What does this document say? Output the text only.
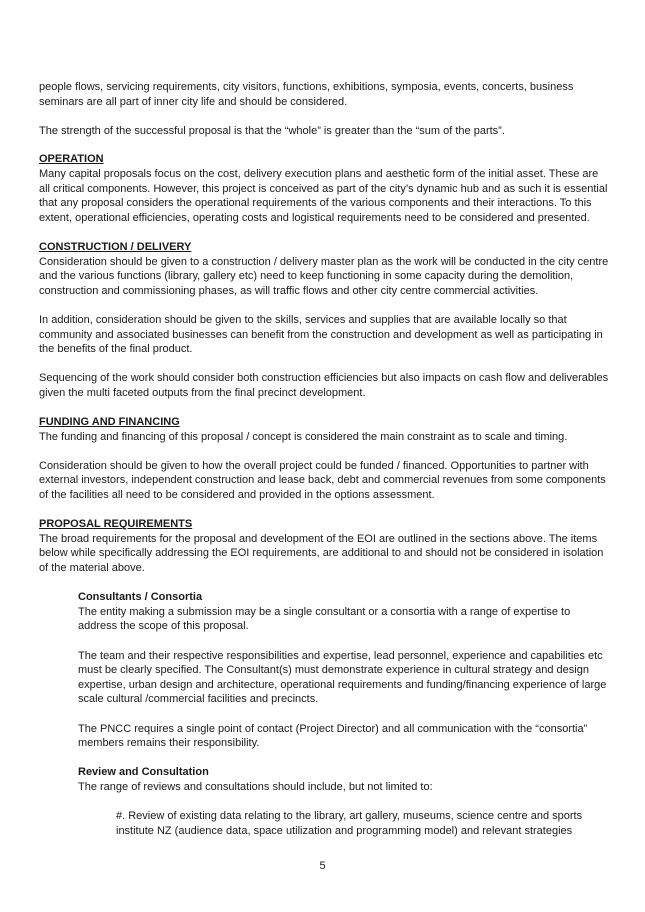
people flows, servicing requirements, city visitors, functions, exhibitions, symposia, events, concerts, business seminars are all part of inner city life and should be considered.

The strength of the successful proposal is that the “whole” is greater than the “sum of the parts”.

OPERATION

Many capital proposals focus on the cost, delivery execution plans and aesthetic form of the initial asset. These are all critical components. However, this project is conceived as part of the city’s dynamic hub and as such it is essential that any proposal considers the operational requirements of the various components and their interactions. To this extent, operational efficiencies, operating costs and logistical requirements need to be considered and presented.

CONSTRUCTION / DELIVERY

Consideration should be given to a construction / delivery master plan as the work will be conducted in the city centre and the various functions (library, gallery etc) need to keep functioning in some capacity during the demolition, construction and commissioning phases, as will traffic flows and other city centre commercial activities.

In addition, consideration should be given to the skills, services and supplies that are available locally so that community and associated businesses can benefit from the construction and development as well as participating in the benefits of the final product.

Sequencing of the work should consider both construction efficiencies but also impacts on cash flow and deliverables given the multi faceted outputs from the final precinct development.

FUNDING AND FINANCING

The funding and financing of this proposal / concept is considered the main constraint as to scale and timing.

Consideration should be given to how the overall project could be funded / financed. Opportunities to partner with external investors, independent construction and lease back, debt and commercial revenues from some components of the facilities all need to be considered and provided in the options assessment.

PROPOSAL REQUIREMENTS

The broad requirements for the proposal and development of the EOI are outlined in the sections above. The items below while specifically addressing the EOI requirements, are additional to and should not be considered in isolation of the material above.

Consultants / Consortia

The entity making a submission may be a single consultant or a consortia with a range of expertise to address the scope of this proposal.

The team and their respective responsibilities and expertise, lead personnel, experience and capabilities etc must be clearly specified. The Consultant(s) must demonstrate experience in cultural strategy and design expertise, urban design and architecture, operational requirements and funding/financing experience of large scale cultural /commercial facilities and precincts.

The PNCC requires a single point of contact (Project Director) and all communication with the “consortia” members remains their responsibility.

Review and Consultation

The range of reviews and consultations should include, but not limited to:

#. Review of existing data relating to the library, art gallery, museums, science centre and sports institute NZ (audience data, space utilization and programming model) and relevant strategies

5
